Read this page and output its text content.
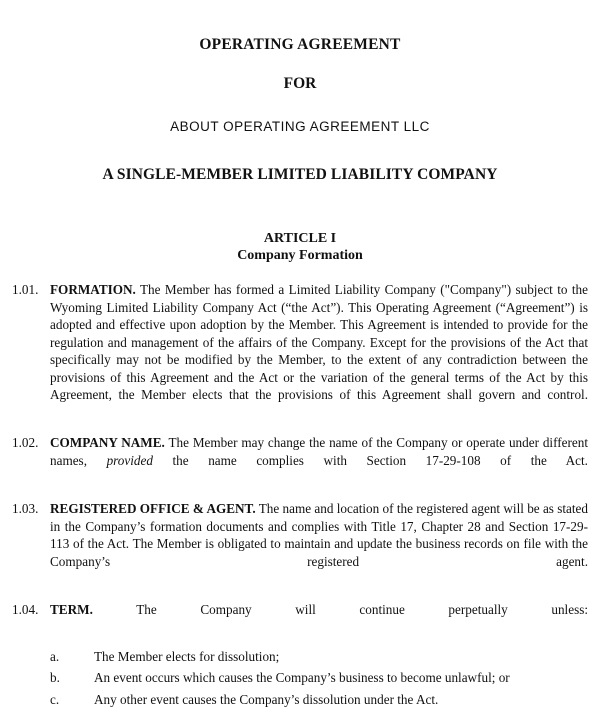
OPERATING AGREEMENT
FOR
ABOUT OPERATING AGREEMENT LLC
A SINGLE-MEMBER LIMITED LIABILITY COMPANY
ARTICLE I
Company Formation
1.01. FORMATION. The Member has formed a Limited Liability Company ("Company") subject to the Wyoming Limited Liability Company Act (“the Act”). This Operating Agreement (“Agreement”) is adopted and effective upon adoption by the Member. This Agreement is intended to provide for the regulation and management of the affairs of the Company. Except for the provisions of the Act that specifically may not be modified by the Member, to the extent of any contradiction between the provisions of this Agreement and the Act or the variation of the general terms of the Act by this Agreement, the Member elects that the provisions of this Agreement shall govern and control.
1.02. COMPANY NAME. The Member may change the name of the Company or operate under different names, provided the name complies with Section 17-29-108 of the Act.
1.03. REGISTERED OFFICE & AGENT. The name and location of the registered agent will be as stated in the Company’s formation documents and complies with Title 17, Chapter 28 and Section 17-29-113 of the Act. The Member is obligated to maintain and update the business records on file with the Company’s registered agent.
1.04. TERM. The Company will continue perpetually unless:
a.	The Member elects for dissolution;
b.	An event occurs which causes the Company’s business to become unlawful; or
c.	Any other event causes the Company’s dissolution under the Act.
